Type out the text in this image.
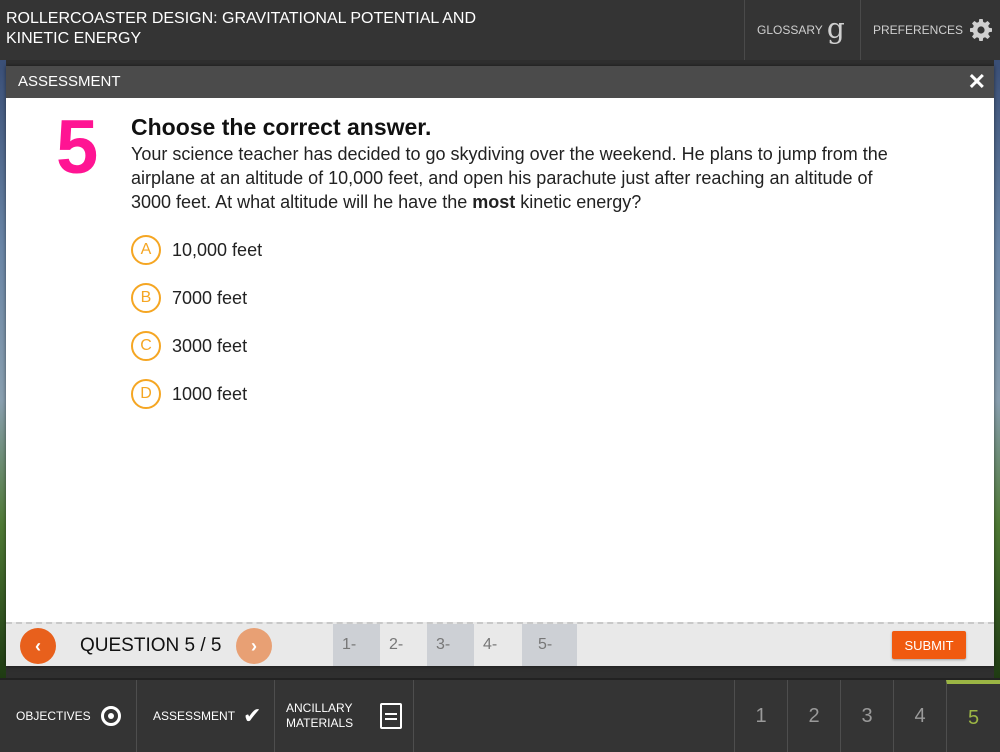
ROLLERCOASTER DESIGN: GRAVITATIONAL POTENTIAL AND KINETIC ENERGY	GLOSSARY g PREFERENCES
ASSESSMENT	✕
5 Choose the correct answer.
Your science teacher has decided to go skydiving over the weekend. He plans to jump from the airplane at an altitude of 10,000 feet, and open his parachute just after reaching an altitude of 3000 feet. At what altitude will he have the most kinetic energy?
A	10,000 feet
B	7000 feet
C	3000 feet
D	1000 feet
‹ QUESTION 5 / 5 ›	1-	2-	3-	4-	5-	SUBMIT
OBJECTIVES	ASSESSMENT ✔ ANCILLARY MATERIALS	1	2	3	4	5
